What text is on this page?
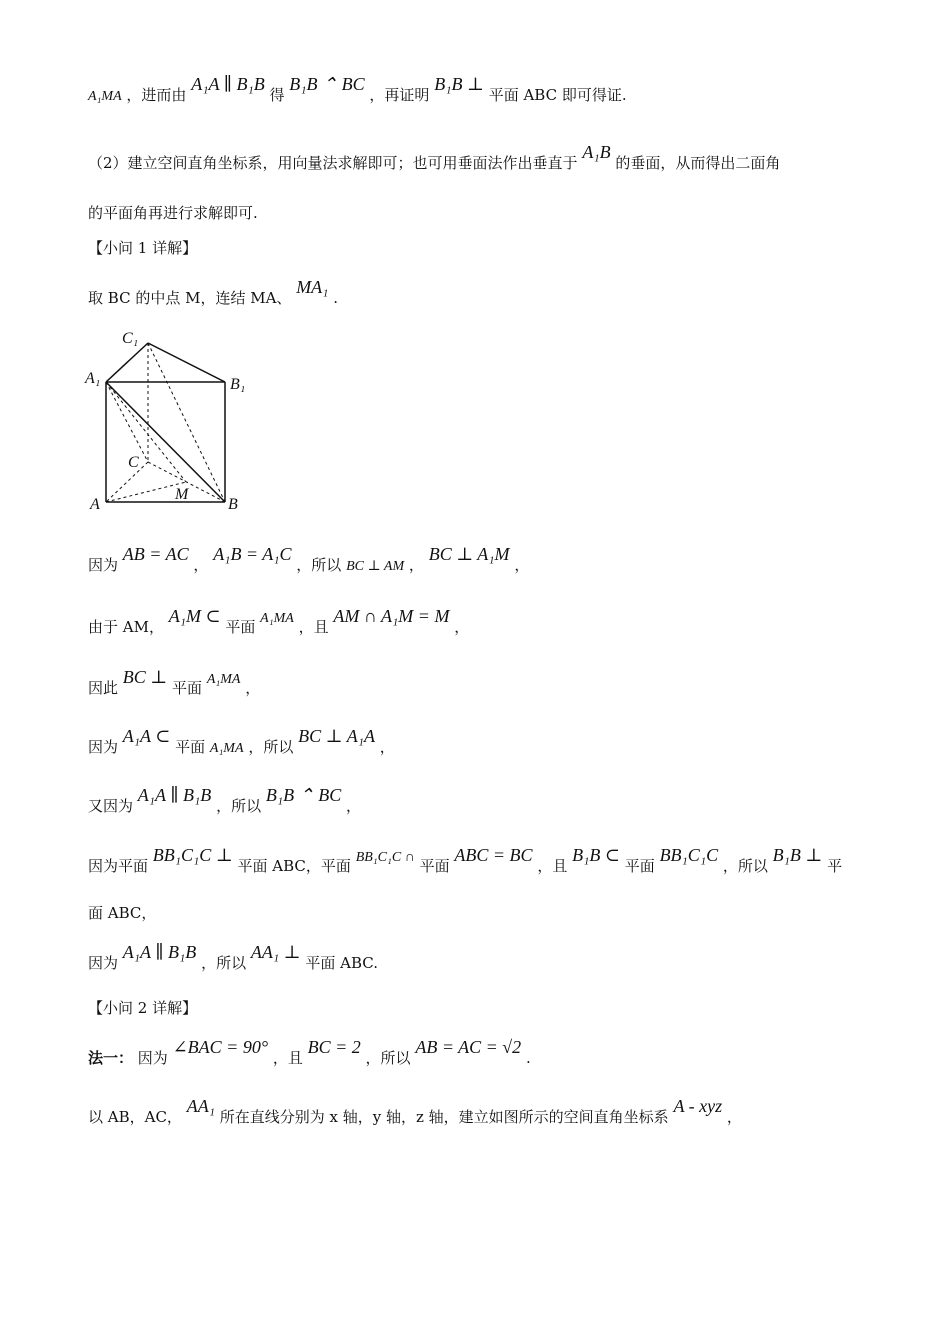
A₁MA ，进而由 A₁A ∥ B₁B 得 B₁B ⌃ BC ，再证明 B₁B ⊥ 平面 ABC 即可得证.
（2）建立空间直角坐标系，用向量法求解即可；也可用垂面法作出垂直于 A₁B 的垂面，从而得出二面角
的平面角再进行求解即可.
【小问 1 详解】
取 BC 的中点 M，连结 MA、 MA₁ .
C₁
A₁	B₁
C
M
A	B
因为 AB = AC ， A₁B = A₁C ，所以 BC ⊥ AM ， BC ⊥ A₁M ，
由于 AM， A₁M ⊂ 平面 A₁MA ，且 AM ∩ A₁M = M ，
因此 BC ⊥ 平面 A₁MA ，
因为 A₁A ⊂ 平面 A₁MA ，所以 BC ⊥ A₁A ，
又因为 A₁A ∥ B₁B ，所以 B₁B ⌃ BC ，
因为平面 BB₁C₁C ⊥ 平面 ABC，平面 BB₁C₁C ∩ 平面 ABC = BC ，且 B₁B ⊂ 平面 BB₁C₁C ，所以 B₁B ⊥ 平
面 ABC，
因为 A₁A ∥ B₁B ，所以 AA₁ ⊥ 平面 ABC.
【小问 2 详解】
法一： 因为 ∠BAC = 90° ，且 BC = 2 ，所以 AB = AC = √2 .
以 AB，AC， AA₁ 所在直线分别为 x 轴，y 轴，z 轴，建立如图所示的空间直角坐标系 A - xyz ，
